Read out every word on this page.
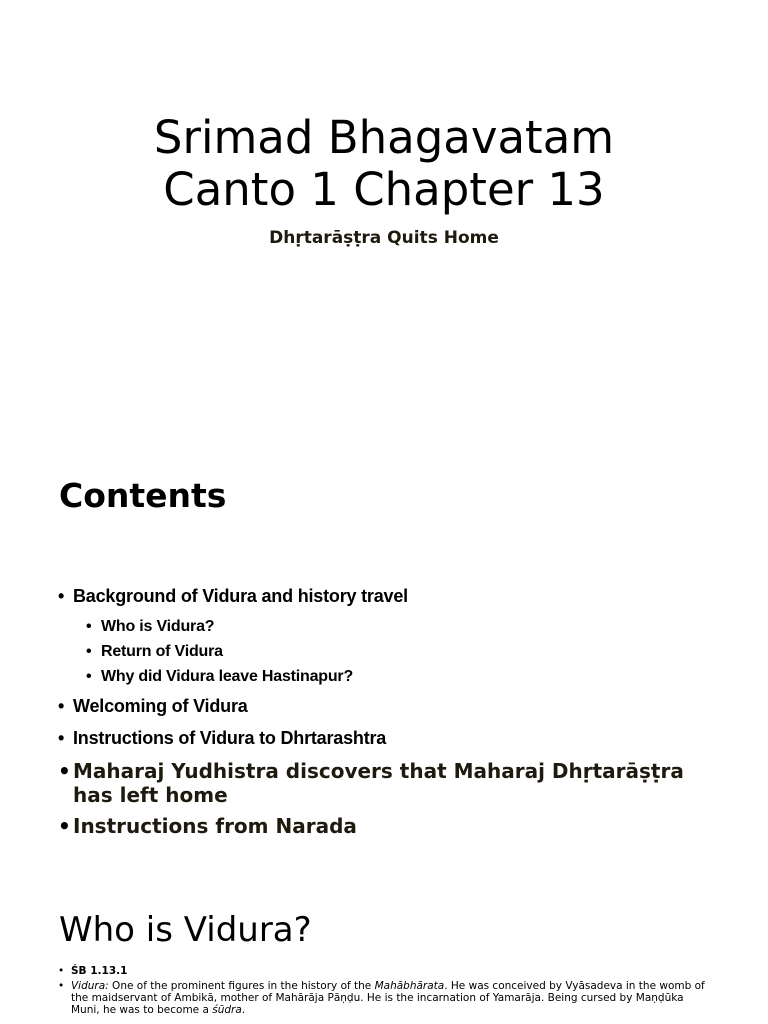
Srimad Bhagavatam
Canto 1 Chapter 13
Dhṛtarāṣṭra Quits Home
Contents
• Background of Vidura and history travel
• Who is Vidura?
• Return of Vidura
• Why did Vidura leave Hastinapur?
• Welcoming of Vidura
• Instructions of Vidura to Dhrtarashtra
• Maharaj Yudhistra discovers that Maharaj Dhṛtarāṣṭra has left home
• Instructions from Narada
Who is Vidura?
• ŚB 1.13.1
• Vidura: One of the prominent figures in the history of the Mahābhārata. He was conceived by Vyāsadeva in the womb of the maidservant of Ambikā, mother of Mahārāja Pāṇḍu. He is the incarnation of Yamarāja. Being cursed by Maṇḍūka Muni, he was to become a śūdra.
